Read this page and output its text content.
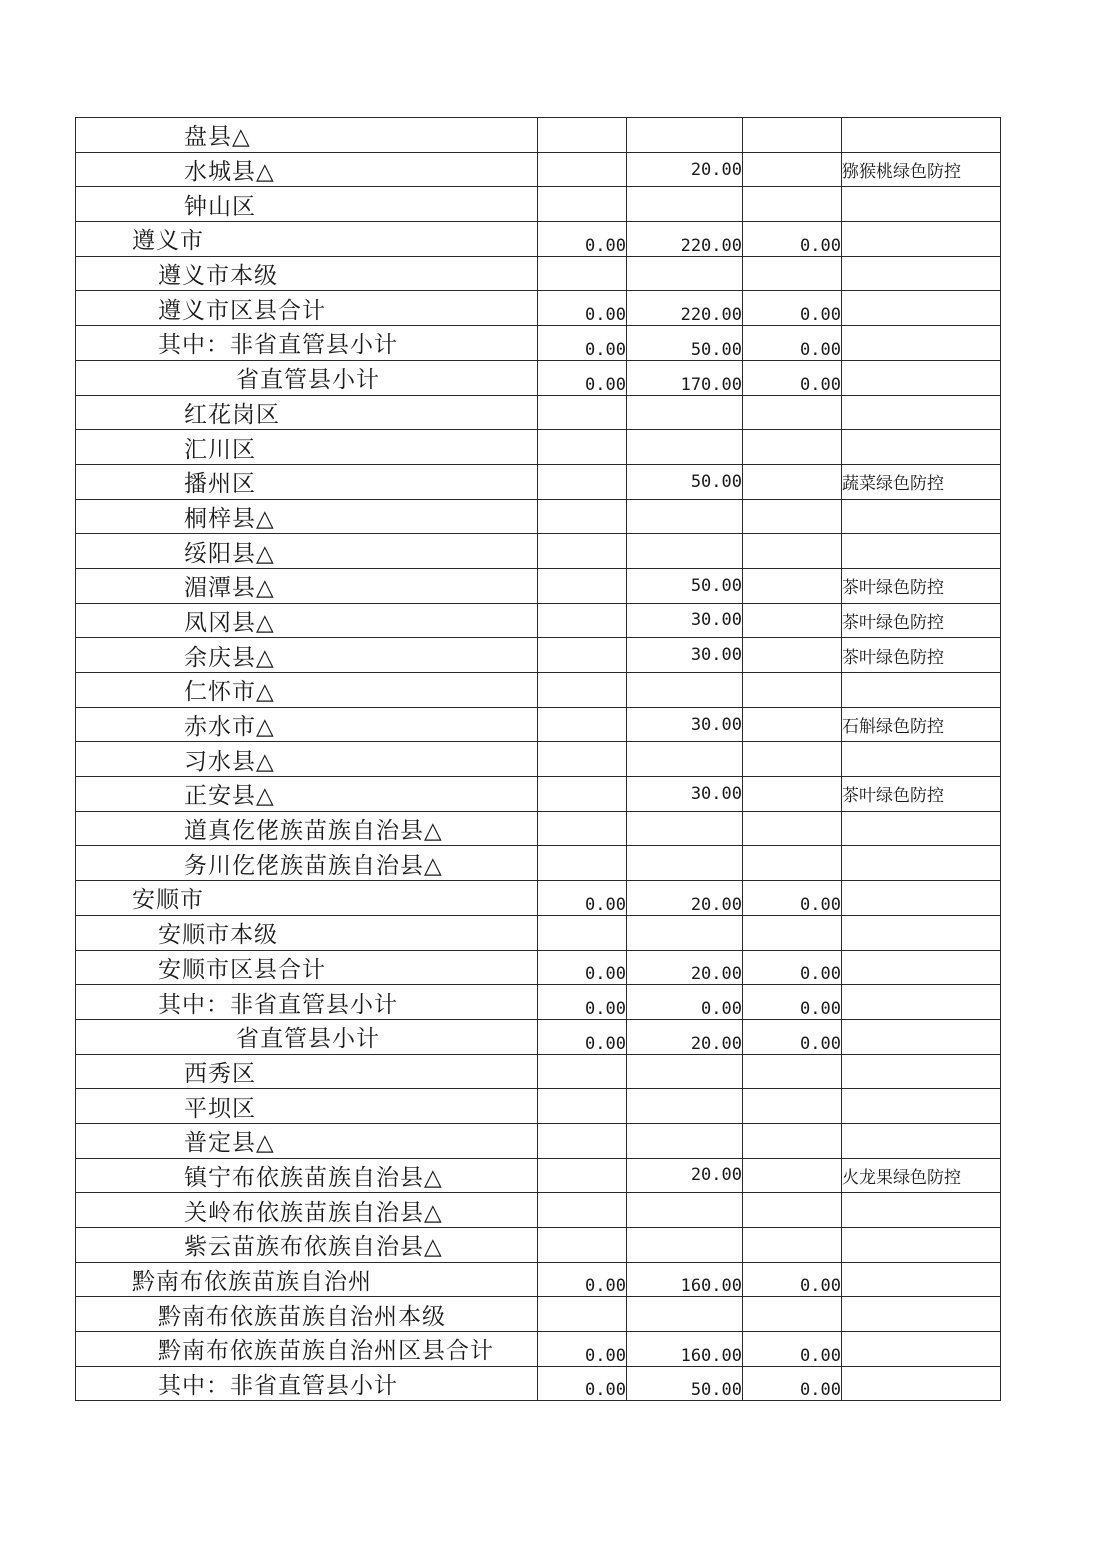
盘县△				
水城县△		20.00		猕猴桃绿色防控
钟山区				
遵义市	0.00	220.00	0.00	
遵义市本级				
遵义市区县合计	0.00	220.00	0.00	
其中：非省直管县小计	0.00	50.00	0.00	
省直管县小计	0.00	170.00	0.00	
红花岗区				
汇川区				
播州区		50.00		蔬菜绿色防控
桐梓县△				
绥阳县△				
湄潭县△		50.00		茶叶绿色防控
凤冈县△		30.00		茶叶绿色防控
余庆县△		30.00		茶叶绿色防控
仁怀市△				
赤水市△		30.00		石斛绿色防控
习水县△				
正安县△		30.00		茶叶绿色防控
道真仡佬族苗族自治县△				
务川仡佬族苗族自治县△				
安顺市	0.00	20.00	0.00	
安顺市本级				
安顺市区县合计	0.00	20.00	0.00	
其中：非省直管县小计	0.00	0.00	0.00	
省直管县小计	0.00	20.00	0.00	
西秀区				
平坝区				
普定县△				
镇宁布依族苗族自治县△		20.00		火龙果绿色防控
关岭布依族苗族自治县△				
紫云苗族布依族自治县△				
黔南布依族苗族自治州	0.00	160.00	0.00	
黔南布依族苗族自治州本级				
黔南布依族苗族自治州区县合计	0.00	160.00	0.00	
其中：非省直管县小计	0.00	50.00	0.00	
